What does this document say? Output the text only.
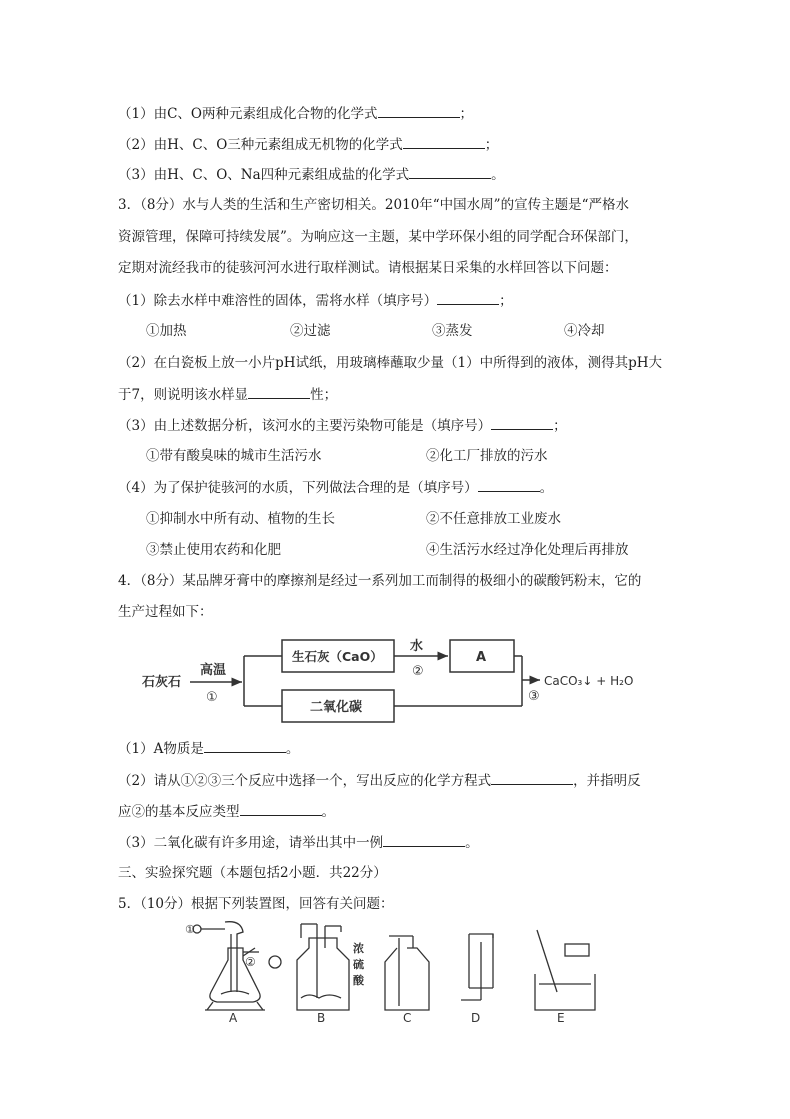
（1）由C、O两种元素组成化合物的化学式	；
（2）由H、C、O三种元素组成无机物的化学式	；
（3）由H、C、O、Na四种元素组成盐的化学式	。
3．（8分）水与人类的生活和生产密切相关。2010年“中国水周”的宣传主题是“严格水
资源管理，保障可持续发展”。为响应这一主题，某中学环保小组的同学配合环保部门，
定期对流经我市的徒骇河河水进行取样测试。请根据某日采集的水样回答以下问题：
（1）除去水样中难溶性的固体，需将水样（填序号）	；
①加热	②过滤	③蒸发	④冷却
（2）在白瓷板上放一小片pH试纸，用玻璃棒蘸取少量（1）中所得到的液体，测得其pH大
于7，则说明该水样显	性；
（3）由上述数据分析，该河水的主要污染物可能是（填序号）	；
①带有酸臭味的城市生活污水	②化工厂排放的污水
（4）为了保护徒骇河的水质，下列做法合理的是（填序号）	。
①抑制水中所有动、植物的生长	②不任意排放工业废水
③禁止使用农药和化肥	④生活污水经过净化处理后再排放
4．（8分）某品牌牙膏中的摩擦剂是经过一系列加工而制得的极细小的碳酸钙粉末，它的
生产过程如下：
石灰石
高温
①
生石灰（CaO）
二氧化碳
水
②
A
③
CaCO₃↓ + H₂O
（1）A物质是	。
（2）请从①②③三个反应中选择一个，写出反应的化学方程式	，并指明反
应②的基本反应类型	。
（3）二氧化碳有许多用途，请举出其中一例	。
三、实验探究题（本题包括2小题．共22分）
5．（10分）根据下列装置图，回答有关问题：
②
①
浓
硫
酸
A	B	C	D	E
